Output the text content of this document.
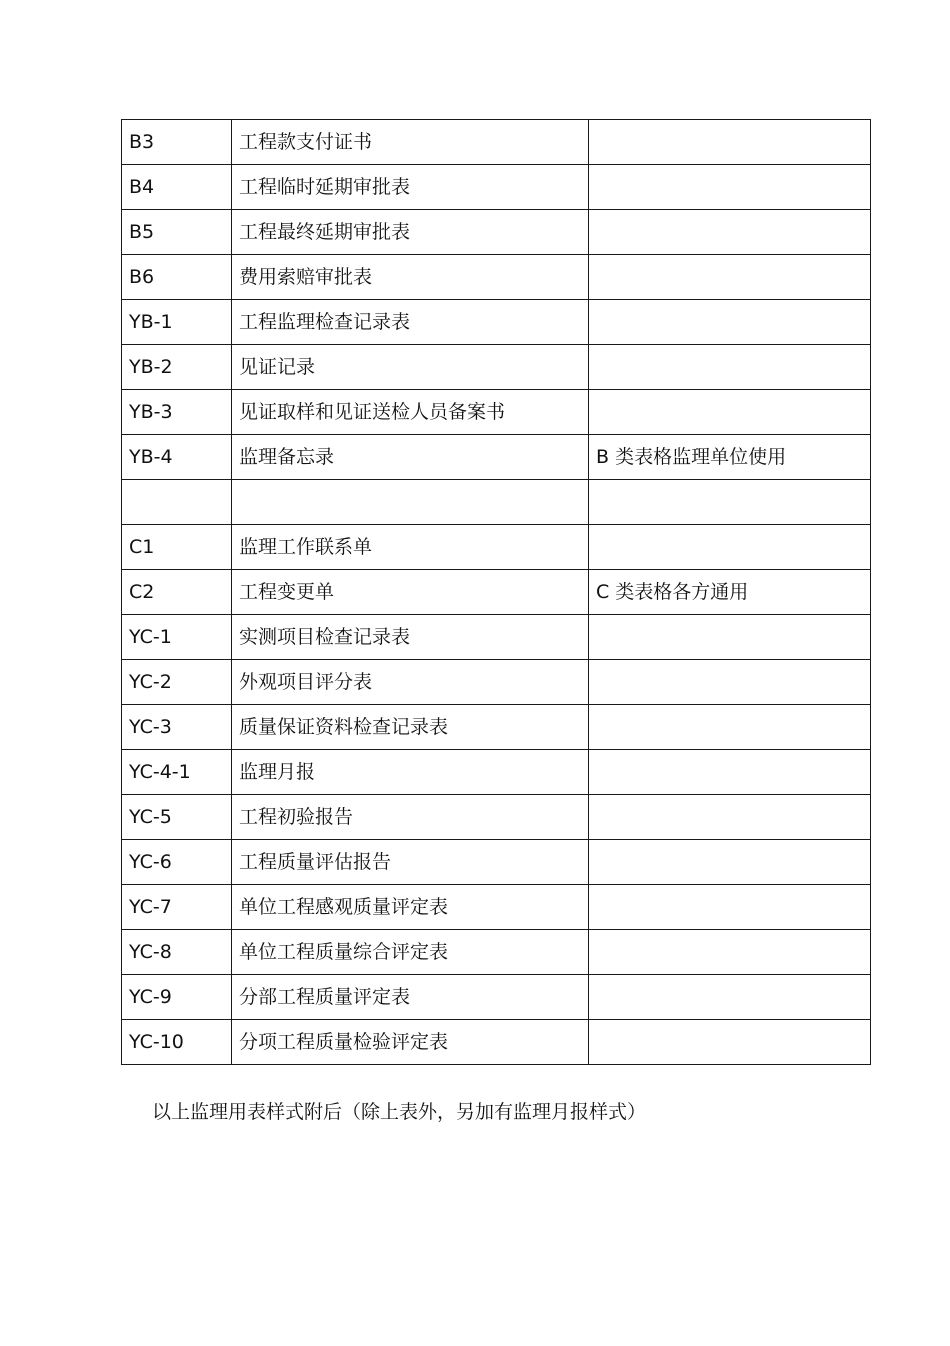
B3	工程款支付证书	
B4	工程临时延期审批表	
B5	工程最终延期审批表	
B6	费用索赔审批表	
YB-1	工程监理检查记录表	
YB-2	见证记录	
YB-3	见证取样和见证送检人员备案书	
YB-4	监理备忘录	B 类表格监理单位使用

C1	监理工作联系单	
C2	工程变更单	C 类表格各方通用
YC-1	实测项目检查记录表	
YC-2	外观项目评分表	
YC-3	质量保证资料检查记录表	
YC-4-1	监理月报	
YC-5	工程初验报告	
YC-6	工程质量评估报告	
YC-7	单位工程感观质量评定表	
YC-8	单位工程质量综合评定表	
YC-9	分部工程质量评定表	
YC-10	分项工程质量检验评定表	
以上监理用表样式附后（除上表外，另加有监理月报样式）
